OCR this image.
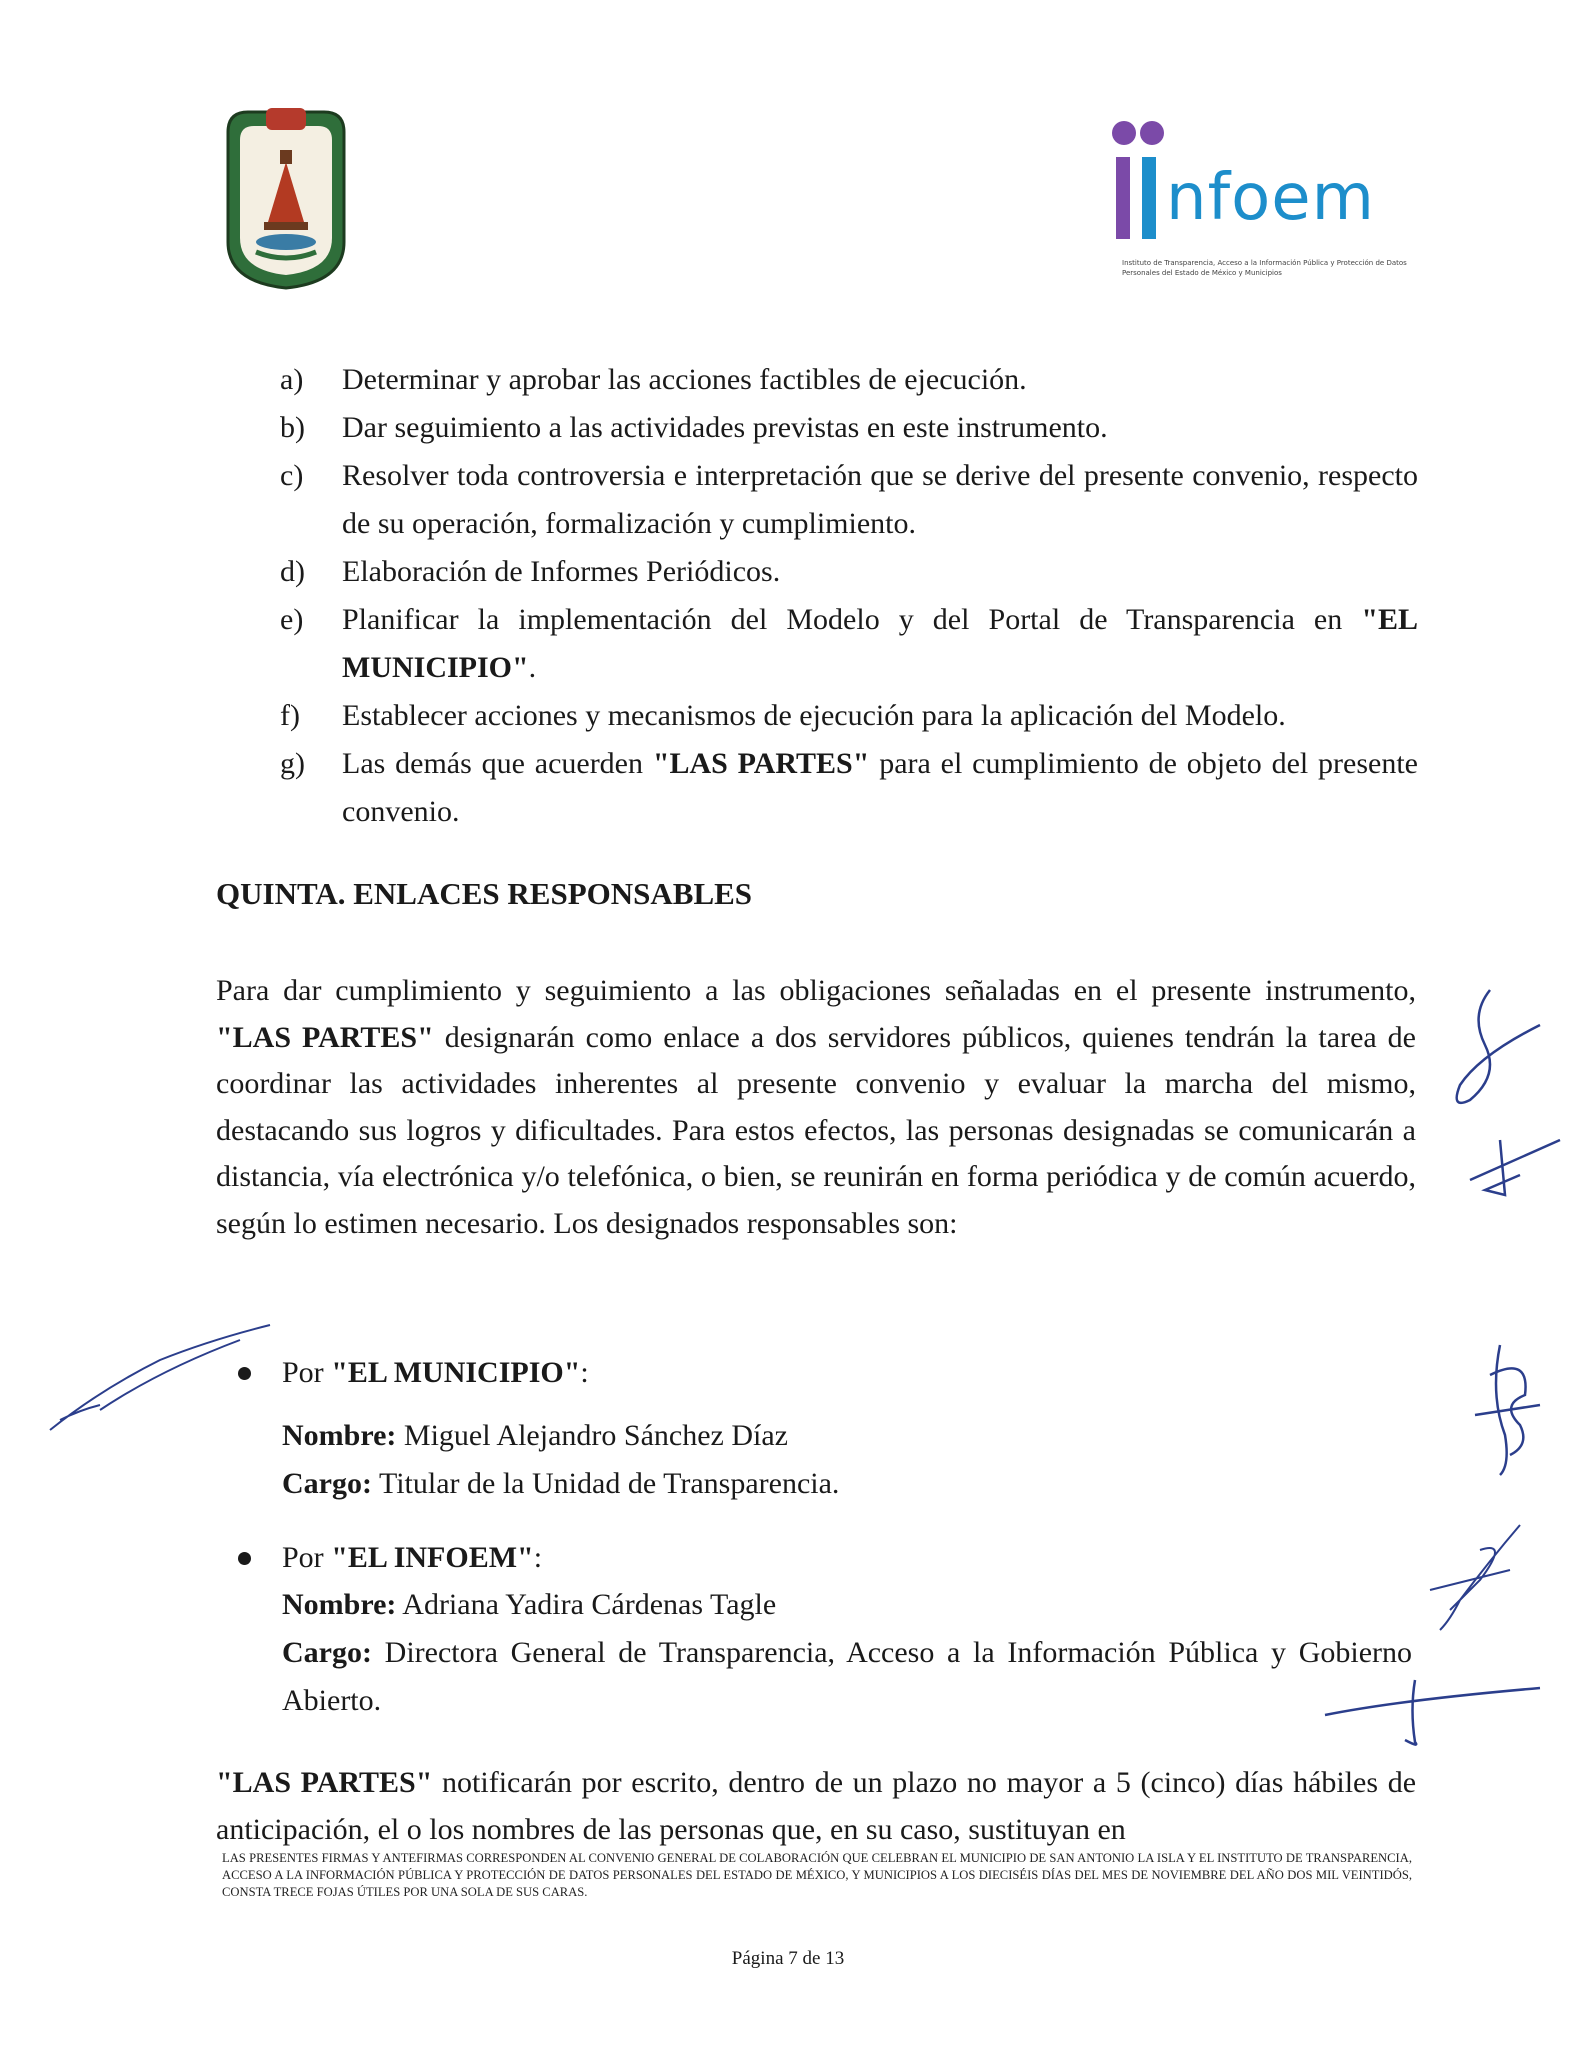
nfoem
Instituto de Transparencia, Acceso a la Información Pública y Protección de Datos Personales del Estado de México y Municipios
a)	Determinar y aprobar las acciones factibles de ejecución.
b)	Dar seguimiento a las actividades previstas en este instrumento.
c)	Resolver toda controversia e interpretación que se derive del presente convenio, respecto de su operación, formalización y cumplimiento.
d)	Elaboración de Informes Periódicos.
e)	Planificar la implementación del Modelo y del Portal de Transparencia en "EL MUNICIPIO".
f)	Establecer acciones y mecanismos de ejecución para la aplicación del Modelo.
g)	Las demás que acuerden "LAS PARTES" para el cumplimiento de objeto del presente convenio.
QUINTA. ENLACES RESPONSABLES
Para dar cumplimiento y seguimiento a las obligaciones señaladas en el presente instrumento, "LAS PARTES" designarán como enlace a dos servidores públicos, quienes tendrán la tarea de coordinar las actividades inherentes al presente convenio y evaluar la marcha del mismo, destacando sus logros y dificultades. Para estos efectos, las personas designadas se comunicarán a distancia, vía electrónica y/o telefónica, o bien, se reunirán en forma periódica y de común acuerdo, según lo estimen necesario. Los designados responsables son:
Por "EL MUNICIPIO":
Nombre: Miguel Alejandro Sánchez Díaz
Cargo: Titular de la Unidad de Transparencia.
Por "EL INFOEM":
Nombre: Adriana Yadira Cárdenas Tagle
Cargo: Directora General de Transparencia, Acceso a la Información Pública y Gobierno Abierto.
"LAS PARTES" notificarán por escrito, dentro de un plazo no mayor a 5 (cinco) días hábiles de anticipación, el o los nombres de las personas que, en su caso, sustituyan en
LAS PRESENTES FIRMAS Y ANTEFIRMAS CORRESPONDEN AL CONVENIO GENERAL DE COLABORACIÓN QUE CELEBRAN EL MUNICIPIO DE SAN ANTONIO LA ISLA Y EL INSTITUTO DE TRANSPARENCIA, ACCESO A LA INFORMACIÓN PÚBLICA Y PROTECCIÓN DE DATOS PERSONALES DEL ESTADO DE MÉXICO, Y MUNICIPIOS A LOS DIECISÉIS DÍAS DEL MES DE NOVIEMBRE DEL AÑO DOS MIL VEINTIDÓS, CONSTA TRECE FOJAS ÚTILES POR UNA SOLA DE SUS CARAS.
Página 7 de 13
